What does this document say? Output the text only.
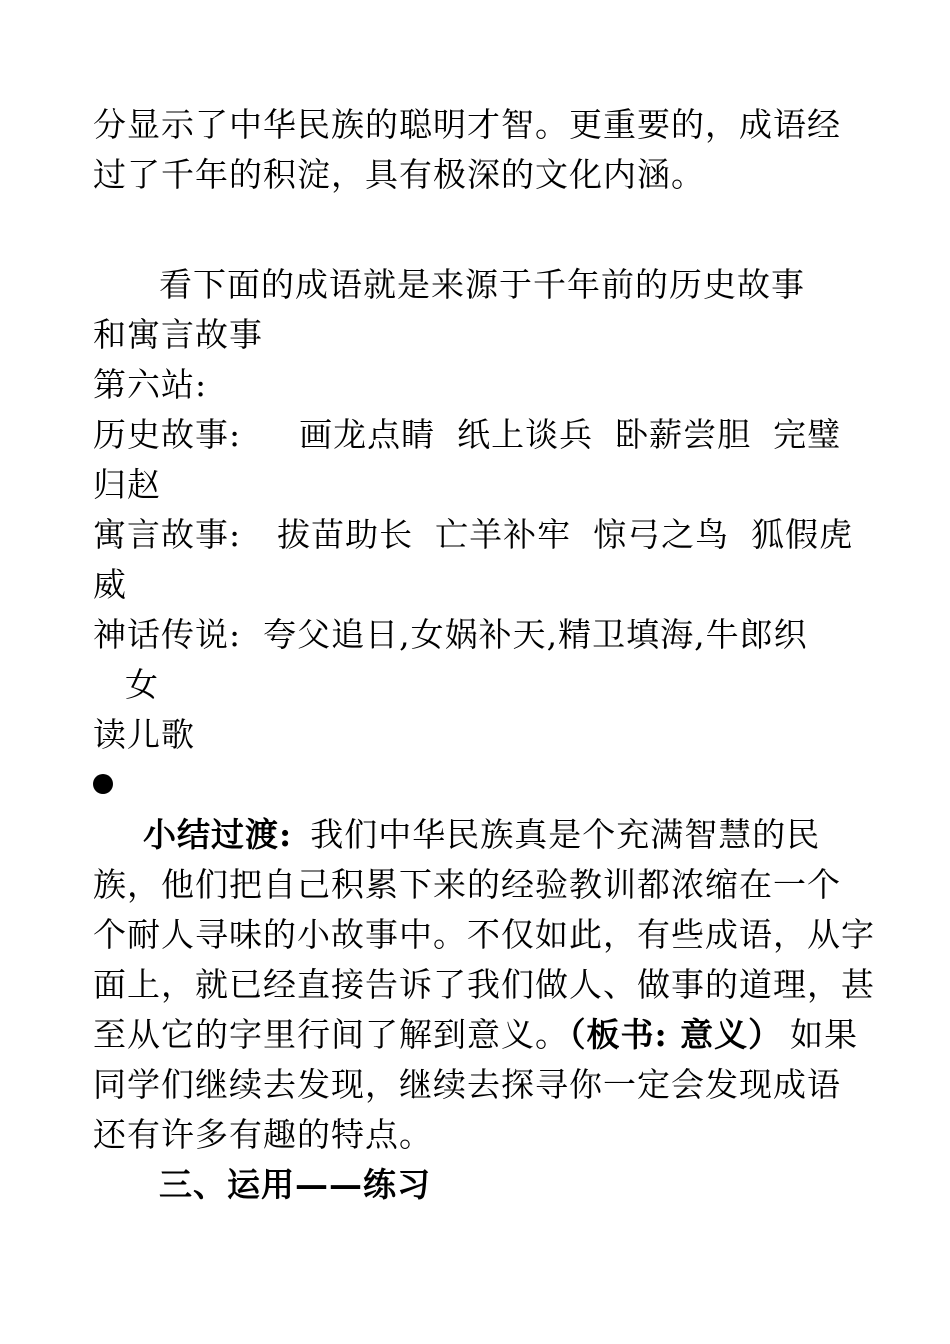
分显示了中华民族的聪明才智。更重要的，成语经
过了千年的积淀，具有极深的文化内涵。
看下面的成语就是来源于千年前的历史故事
和寓言故事
第六站:
历史故事: 画龙点睛 纸上谈兵 卧薪尝胆 完璧
归赵
寓言故事: 拔苗助长 亡羊补牢 惊弓之鸟 狐假虎
威
神话传说: 夸父追日,女娲补天,精卫填海,牛郎织
女
读儿歌
小结过渡: 我们中华民族真是个充满智慧的民
族，他们把自己积累下来的经验教训都浓缩在一个
个耐人寻味的小故事中。不仅如此，有些成语，从字
面上，就已经直接告诉了我们做人、做事的道理，甚
至从它的字里行间了解到意义。（板书: 意义） 如果
同学们继续去发现，继续去探寻你一定会发现成语
还有许多有趣的特点。
三、运用——练习
